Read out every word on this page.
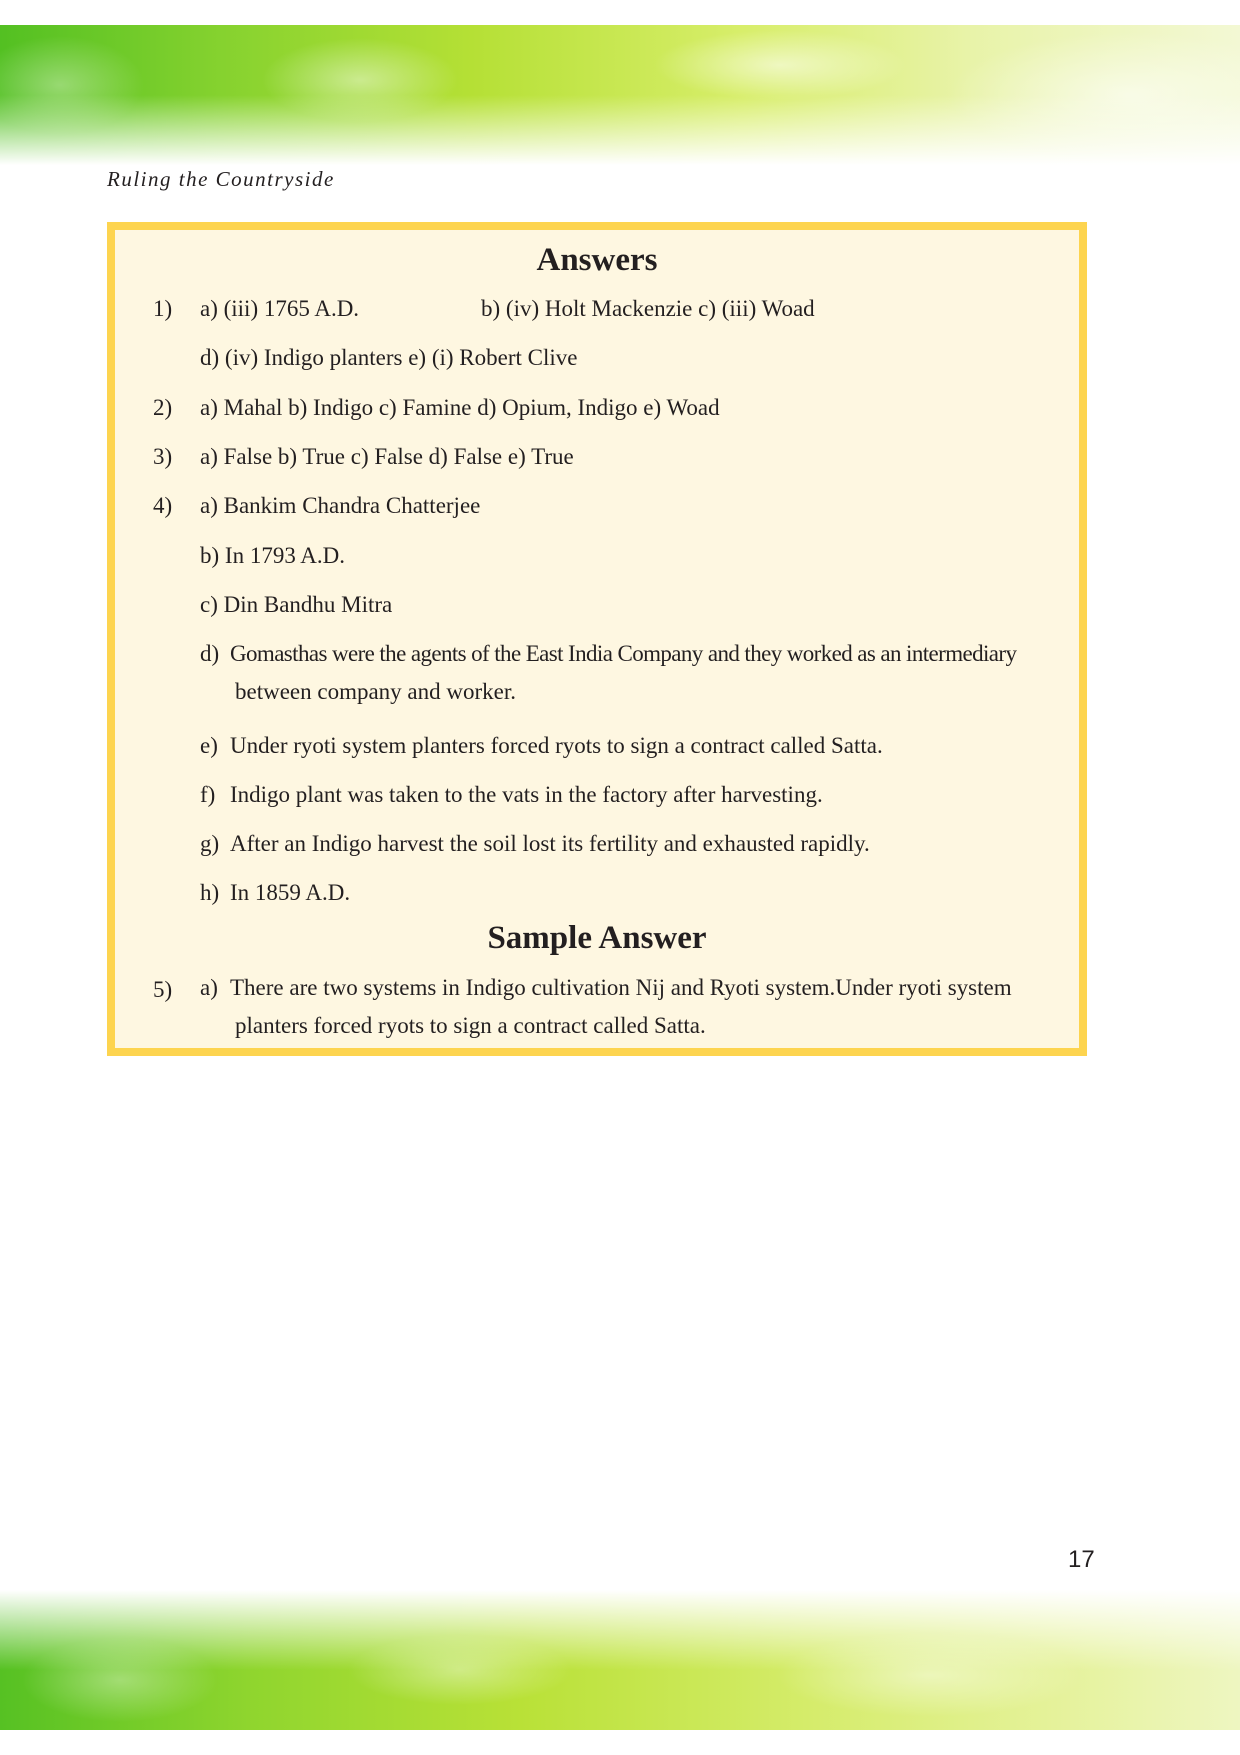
Ruling the Countryside
Answers
1) a) (iii) 1765 A.D.	b) (iv) Holt Mackenzie c) (iii) Woad
d) (iv) Indigo planters e) (i) Robert Clive
2) a) Mahal b) Indigo c) Famine d) Opium, Indigo e) Woad
3) a) False b) True c) False d) False e) True
4) a) Bankim Chandra Chatterjee
b) In 1793 A.D.
c) Din Bandhu Mitra
d) Gomasthas were the agents of the East India Company and they worked as an intermediary
between company and worker.
e) Under ryoti system planters forced ryots to sign a contract called Satta.
f) Indigo plant was taken to the vats in the factory after harvesting.
g) After an Indigo harvest the soil lost its fertility and exhausted rapidly.
h) In 1859 A.D.
Sample Answer
5) a) There are two systems in Indigo cultivation Nij and Ryoti system.Under ryoti system
planters forced ryots to sign a contract called Satta.
17
